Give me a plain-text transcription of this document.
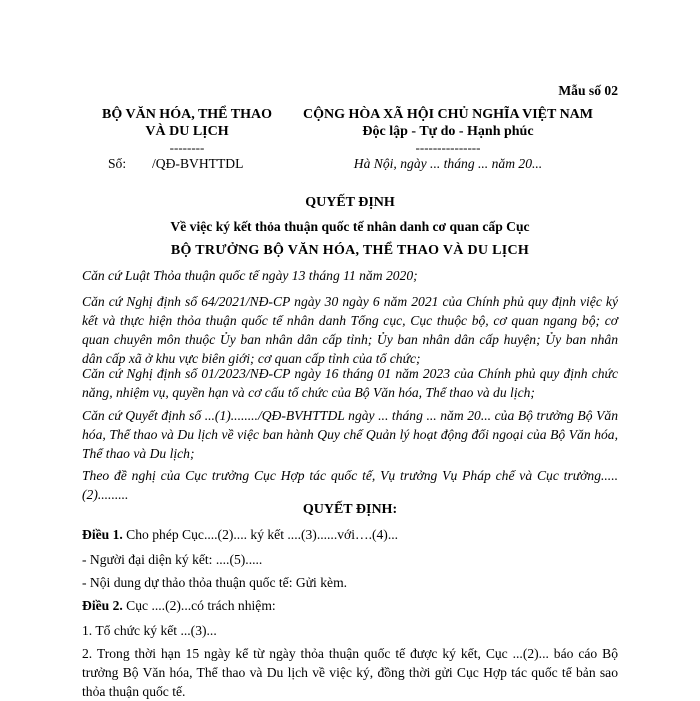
Mẫu số 02
BỘ VĂN HÓA, THỂ THAO
VÀ DU LỊCH
--------
Số: /QĐ-BVHTTDL
CỘNG HÒA XÃ HỘI CHỦ NGHĨA VIỆT NAM
Độc lập - Tự do - Hạnh phúc
---------------
Hà Nội, ngày ... tháng ... năm 20...
QUYẾT ĐỊNH
Về việc ký kết thỏa thuận quốc tế nhân danh cơ quan cấp Cục
BỘ TRƯỞNG BỘ VĂN HÓA, THỂ THAO VÀ DU LỊCH

Căn cứ Luật Thỏa thuận quốc tế ngày 13 tháng 11 năm 2020;

Căn cứ Nghị định số 64/2021/NĐ-CP ngày 30 ngày 6 năm 2021 của Chính phủ quy định việc ký kết và thực hiện thỏa thuận quốc tế nhân danh Tổng cục, Cục thuộc bộ, cơ quan ngang bộ; cơ quan chuyên môn thuộc Ủy ban nhân dân cấp tỉnh; Ủy ban nhân dân cấp huyện; Ủy ban nhân dân cấp xã ở khu vực biên giới; cơ quan cấp tỉnh của tổ chức;

Căn cứ Nghị định số 01/2023/NĐ-CP ngày 16 tháng 01 năm 2023 của Chính phủ quy định chức năng, nhiệm vụ, quyền hạn và cơ cấu tổ chức của Bộ Văn hóa, Thể thao và du lịch;

Căn cứ Quyết định số ...(1)......../QĐ-BVHTTDL ngày ... tháng ... năm 20... của Bộ trưởng Bộ Văn hóa, Thể thao và Du lịch về việc ban hành Quy chế Quản lý hoạt động đối ngoại của Bộ Văn hóa, Thể thao và Du lịch;

Theo đề nghị của Cục trưởng Cục Hợp tác quốc tế, Vụ trưởng Vụ Pháp chế và Cục trưởng..... (2).........

QUYẾT ĐỊNH:

Điều 1. Cho phép Cục....(2).... ký kết ....(3)......với….(4)...

- Người đại diện ký kết: ....(5).....

- Nội dung dự thảo thỏa thuận quốc tế: Gửi kèm.

Điều 2. Cục ....(2)...có trách nhiệm:

1. Tổ chức ký kết ...(3)...

2. Trong thời hạn 15 ngày kể từ ngày thỏa thuận quốc tế được ký kết, Cục ...(2)... báo cáo Bộ trưởng Bộ Văn hóa, Thể thao và Du lịch về việc ký, đồng thời gửi Cục Hợp tác quốc tế bản sao thỏa thuận quốc tế.
